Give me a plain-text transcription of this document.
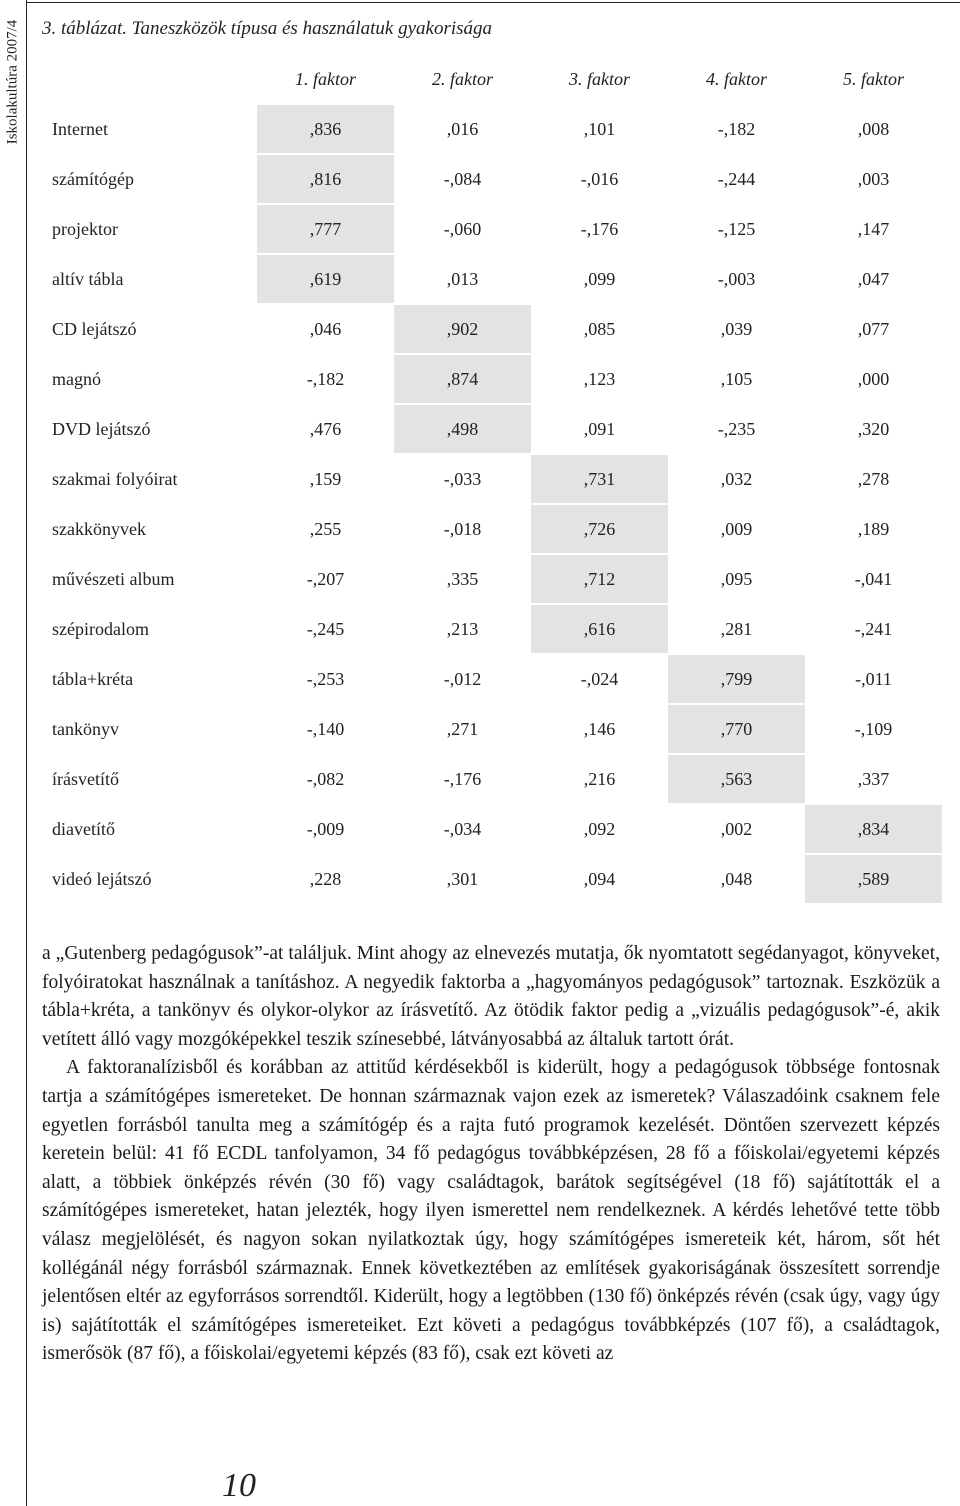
Iskolakultúra 2007/4 3. táblázat. Taneszközök típusa és használatuk gyakorisága
	1. faktor	2. faktor	3. faktor	4. faktor	5. faktor
Internet	,836	,016	,101	-,182	,008
számítógép	,816	-,084	-,016	-,244	,003
projektor	,777	-,060	-,176	-,125	,147
altív tábla	,619	,013	,099	-,003	,047
CD lejátszó	,046	,902	,085	,039	,077
magnó	-,182	,874	,123	,105	,000
DVD lejátszó	,476	,498	,091	-,235	,320
szakmai folyóirat	,159	-,033	,731	,032	,278
szakkönyvek	,255	-,018	,726	,009	,189
művészeti album	-,207	,335	,712	,095	-,041
szépirodalom	-,245	,213	,616	,281	-,241
tábla+kréta	-,253	-,012	-,024	,799	-,011
tankönyv	-,140	,271	,146	,770	-,109
írásvetítő	-,082	-,176	,216	,563	,337
diavetítő	-,009	-,034	,092	,002	,834
videó lejátszó	,228	,301	,094	,048	,589

a „Gutenberg pedagógusok”-at találjuk. Mint ahogy az elnevezés mutatja, ők nyomtatott segédanyagot, könyveket, folyóiratokat használnak a tanításhoz. A negyedik faktorba a „hagyományos pedagógusok” tartoznak. Eszközük a tábla+kréta, a tankönyv és olykor-olykor az írásvetítő. Az ötödik faktor pedig a „vizuális pedagógusok”-é, akik vetített álló vagy mozgóképekkel teszik színesebbé, látványosabbá az általuk tartott órát.

A faktoranalízisből és korábban az attitűd kérdésekből is kiderült, hogy a pedagógusok többsége fontosnak tartja a számítógépes ismereteket. De honnan származnak vajon ezek az ismeretek? Válaszadóink csaknem fele egyetlen forrásból tanulta meg a számítógép és a rajta futó programok kezelését. Döntően szervezett képzés keretein belül: 41 fő ECDL tanfolyamon, 34 fő pedagógus továbbképzésen, 28 fő a főiskolai/egyetemi képzés alatt, a többiek önképzés révén (30 fő) vagy családtagok, barátok segítségével (18 fő) sajátították el a számítógépes ismereteket, hatan jelezték, hogy ilyen ismerettel nem rendelkeznek. A kérdés lehetővé tette több válasz megjelölését, és nagyon sokan nyilatkoztak úgy, hogy számítógépes ismereteik két, három, sőt hét kollégánál négy forrásból származnak. Ennek következtében az említések gyakoriságának összesített sorrendje jelentősen eltér az egyforrásos sorrendtől. Kiderült, hogy a legtöbben (130 fő) önképzés révén (csak úgy, vagy úgy is) sajátították el számítógépes ismereteiket. Ezt követi a pedagógus továbbképzés (107 fő), a családtagok, ismerősök (87 fő), a főiskolai/egyetemi képzés (83 fő), csak ezt követi az

10
